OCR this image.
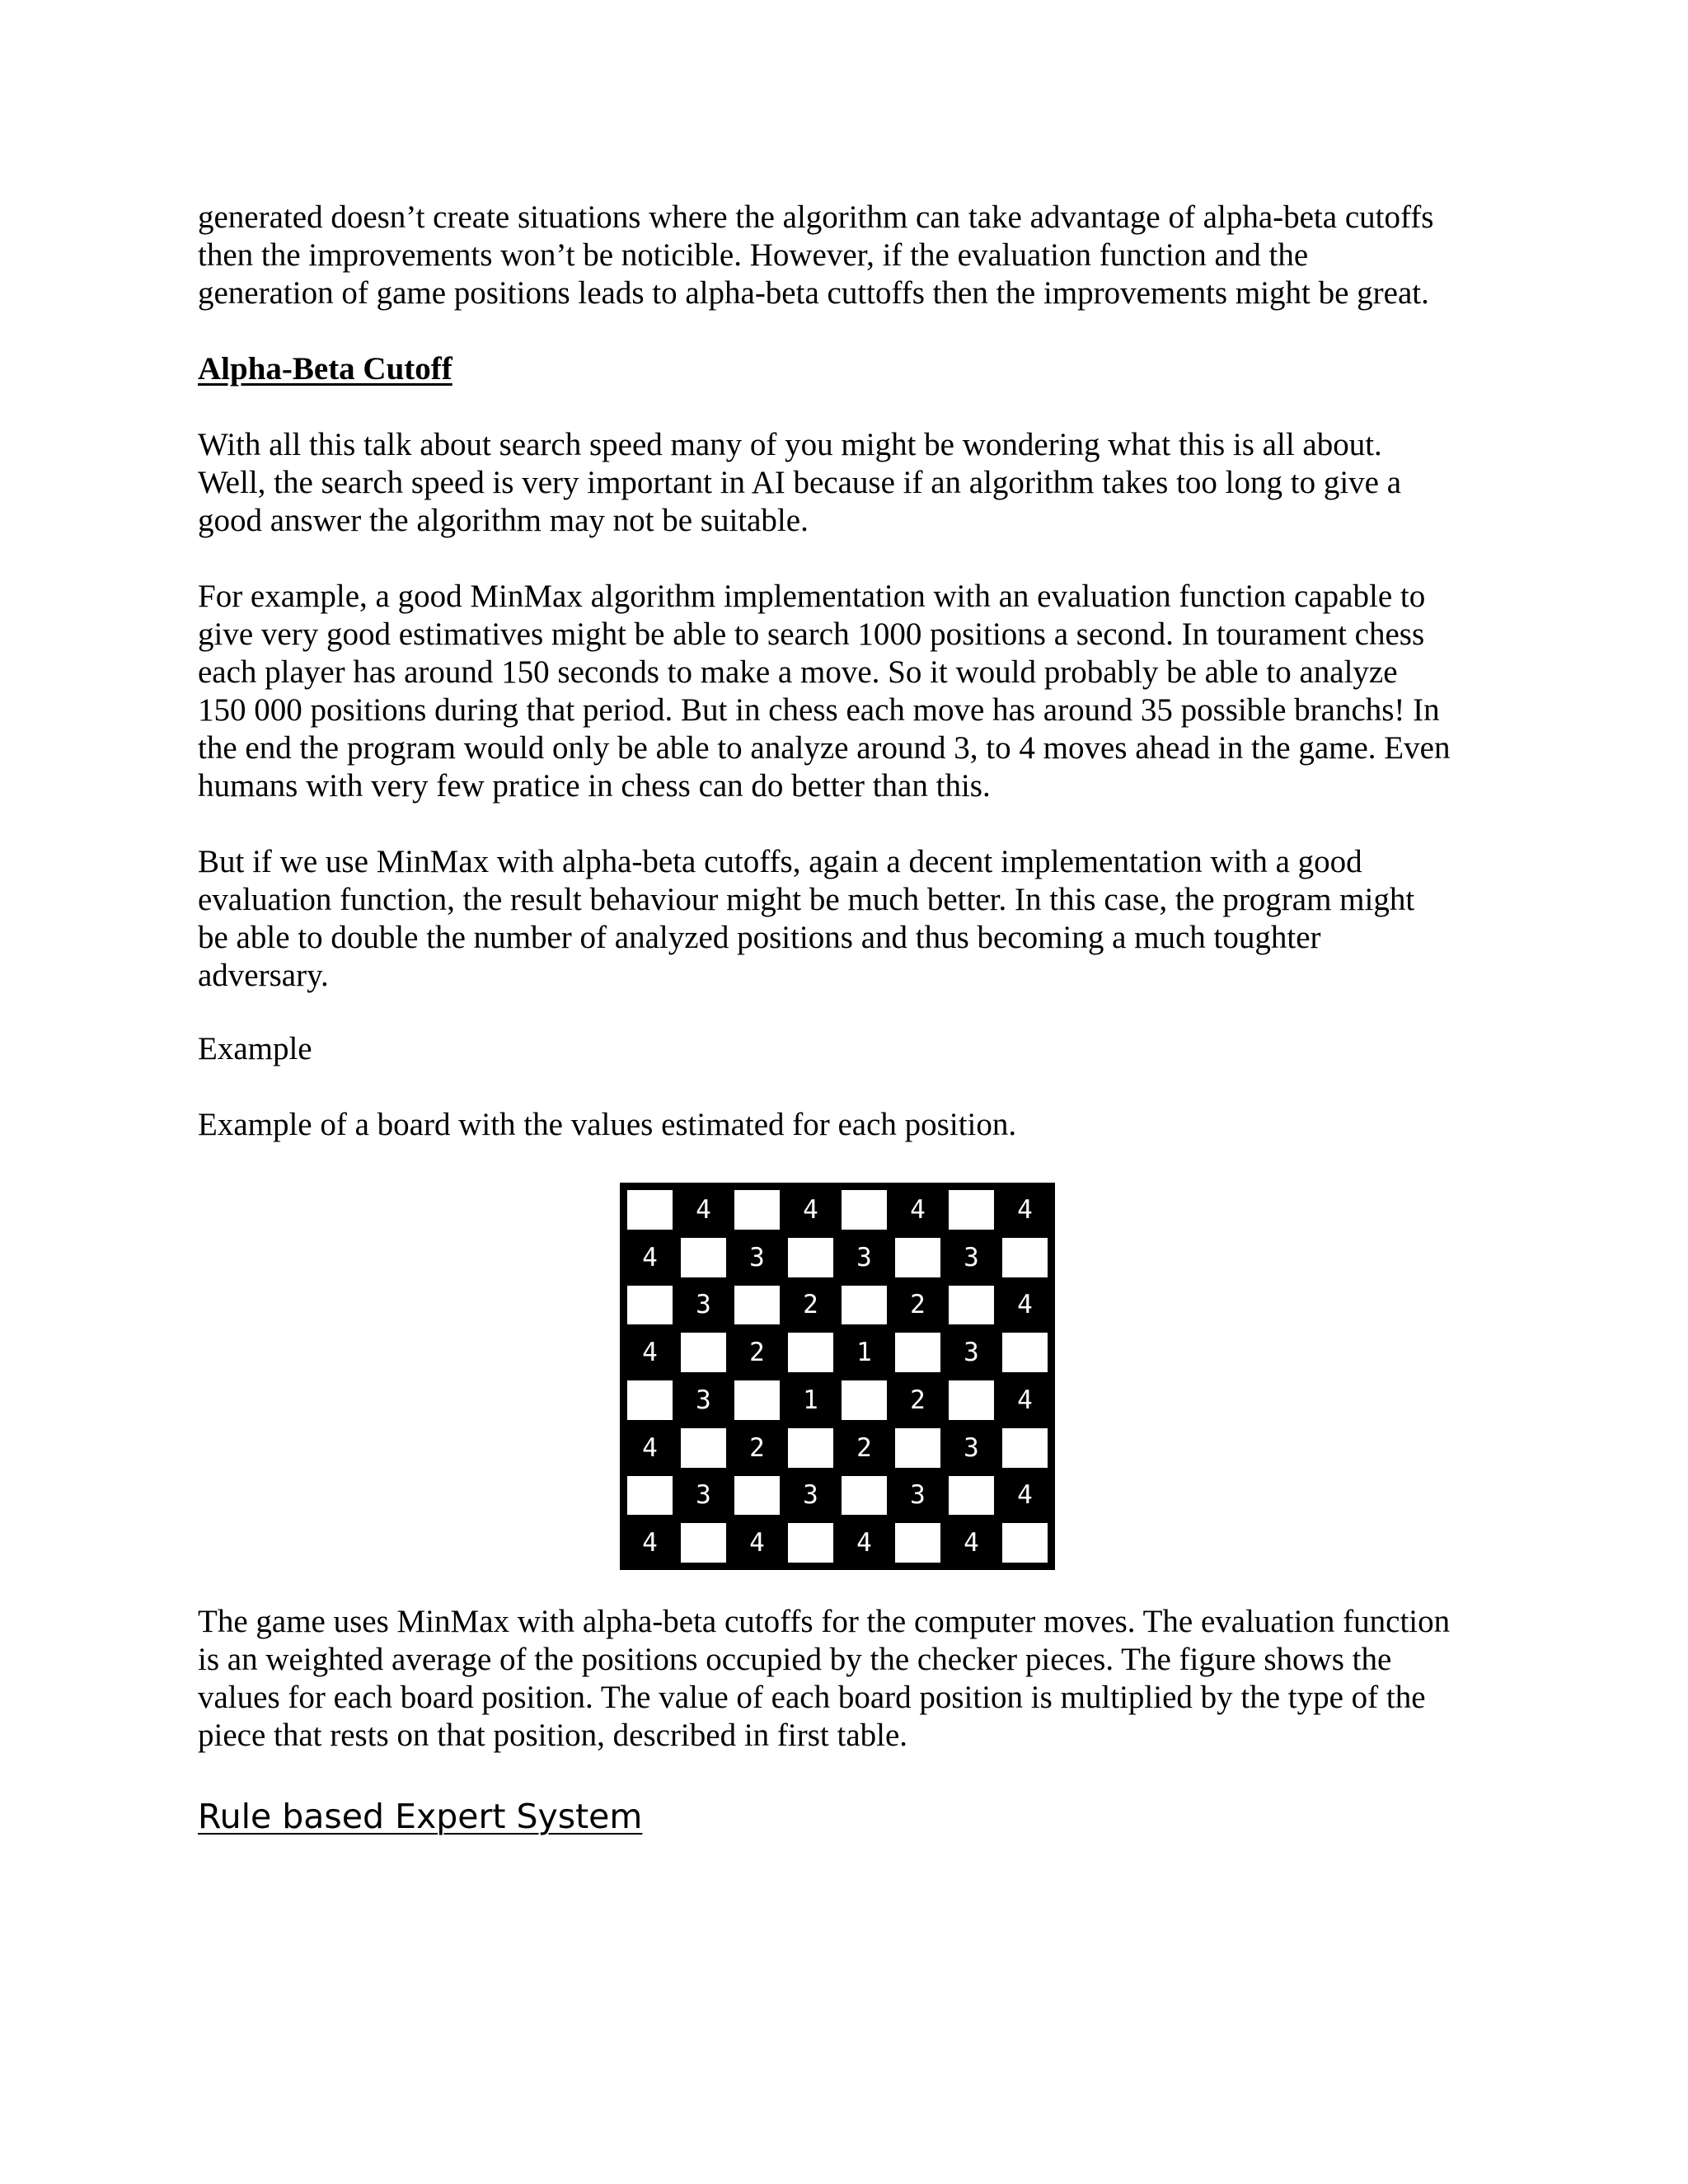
generated doesn’t create situations where the algorithm can take advantage of alpha-beta cutoffs
then the improvements won’t be noticible. However, if the evaluation function and the
generation of game positions leads to alpha-beta cuttoffs then the improvements might be great.

Alpha-Beta Cutoff

With all this talk about search speed many of you might be wondering what this is all about.
Well, the search speed is very important in AI because if an algorithm takes too long to give a
good answer the algorithm may not be suitable.

For example, a good MinMax algorithm implementation with an evaluation function capable to
give very good estimatives might be able to search 1000 positions a second. In tourament chess
each player has around 150 seconds to make a move. So it would probably be able to analyze
150 000 positions during that period. But in chess each move has around 35 possible branchs! In
the end the program would only be able to analyze around 3, to 4 moves ahead in the game. Even
humans with very few pratice in chess can do better than this.

But if we use MinMax with alpha-beta cutoffs, again a decent implementation with a good
evaluation function, the result behaviour might be much better. In this case, the program might
be able to double the number of analyzed positions and thus becoming a much toughter
adversary.

Example

Example of a board with the values estimated for each position.

4	4	4	4
4	3	3	3
3	2	2	4
4	2	1	3
3	1	2	4
4	2	2	3
3	3	3	4
4	4	4	4

The game uses MinMax with alpha-beta cutoffs for the computer moves. The evaluation function
is an weighted average of the positions occupied by the checker pieces. The figure shows the
values for each board position. The value of each board position is multiplied by the type of the
piece that rests on that position, described in first table.

Rule based Expert System
